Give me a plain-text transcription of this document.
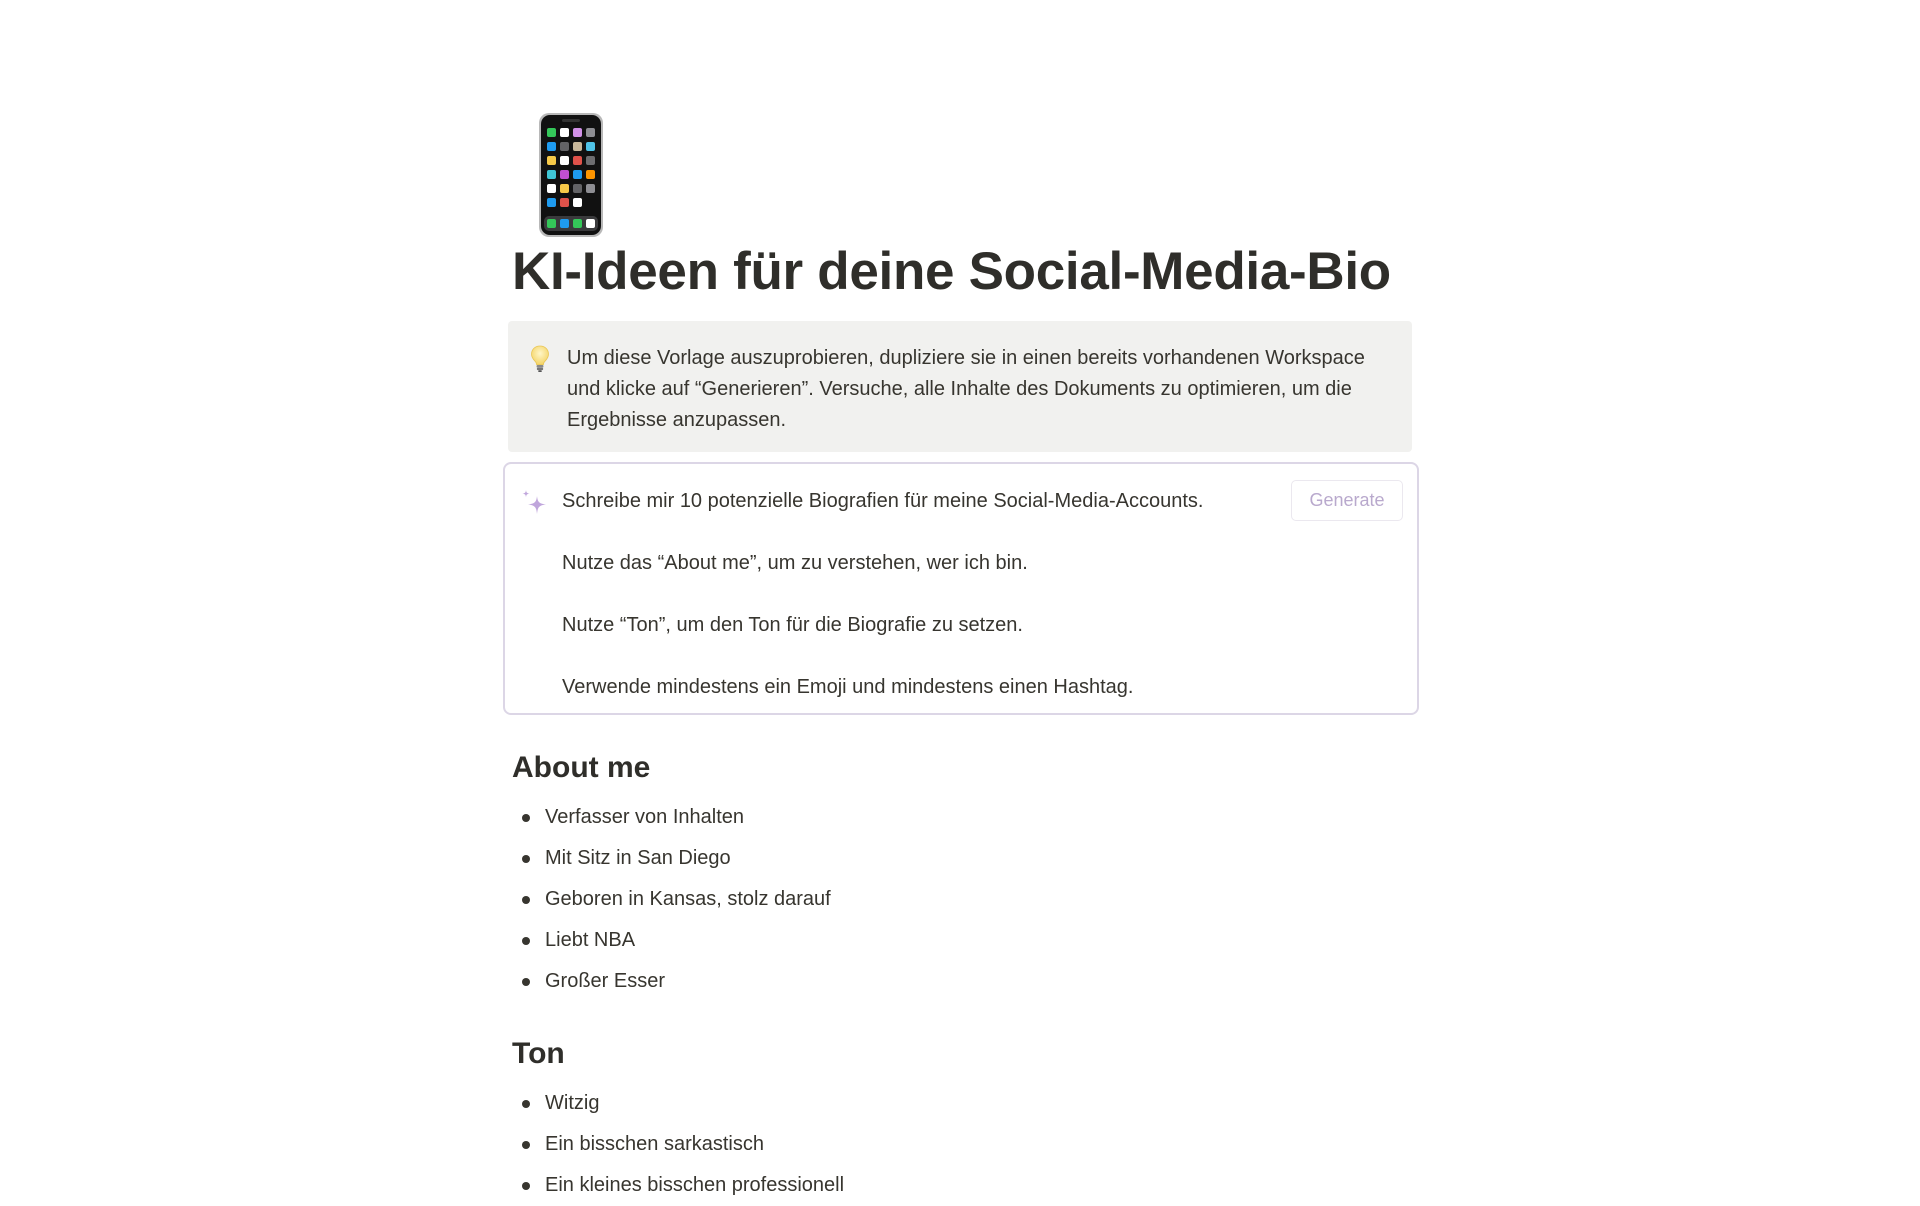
KI-Ideen für deine Social-Media-Bio

Um diese Vorlage auszuprobieren, dupliziere sie in einen bereits vorhandenen Workspace und klicke auf “Generieren”. Versuche, alle Inhalte des Dokuments zu optimieren, um die Ergebnisse anzupassen.

Schreibe mir 10 potenzielle Biografien für meine Social-Media-Accounts.

Nutze das “About me”, um zu verstehen, wer ich bin.

Nutze “Ton”, um den Ton für die Biografie zu setzen.

Verwende mindestens ein Emoji und mindestens einen Hashtag.

Generate
About me
Verfasser von Inhalten
Mit Sitz in San Diego
Geboren in Kansas, stolz darauf
Liebt NBA
Großer Esser
Ton
Witzig
Ein bisschen sarkastisch
Ein kleines bisschen professionell
